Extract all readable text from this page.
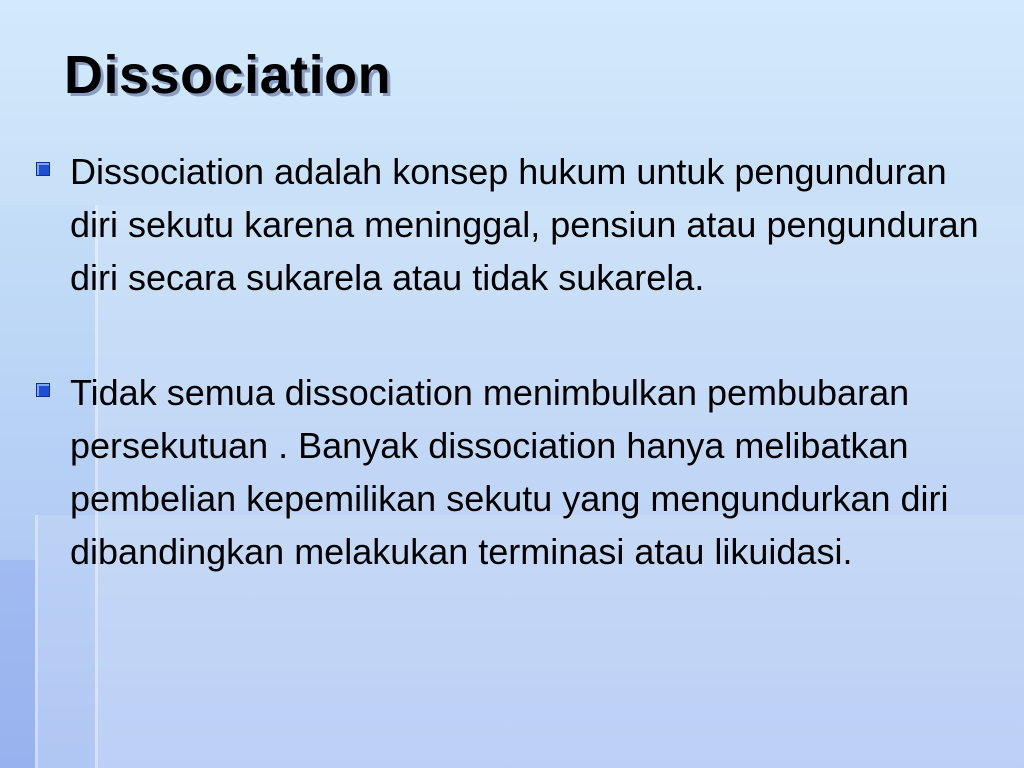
Dissociation
Dissociation adalah konsep hukum untuk pengunduran diri sekutu karena meninggal, pensiun atau pengunduran diri secara sukarela atau tidak sukarela.
Tidak semua dissociation menimbulkan pembubaran persekutuan . Banyak dissociation hanya melibatkan pembelian kepemilikan sekutu yang mengundurkan diri dibandingkan melakukan terminasi atau likuidasi.
